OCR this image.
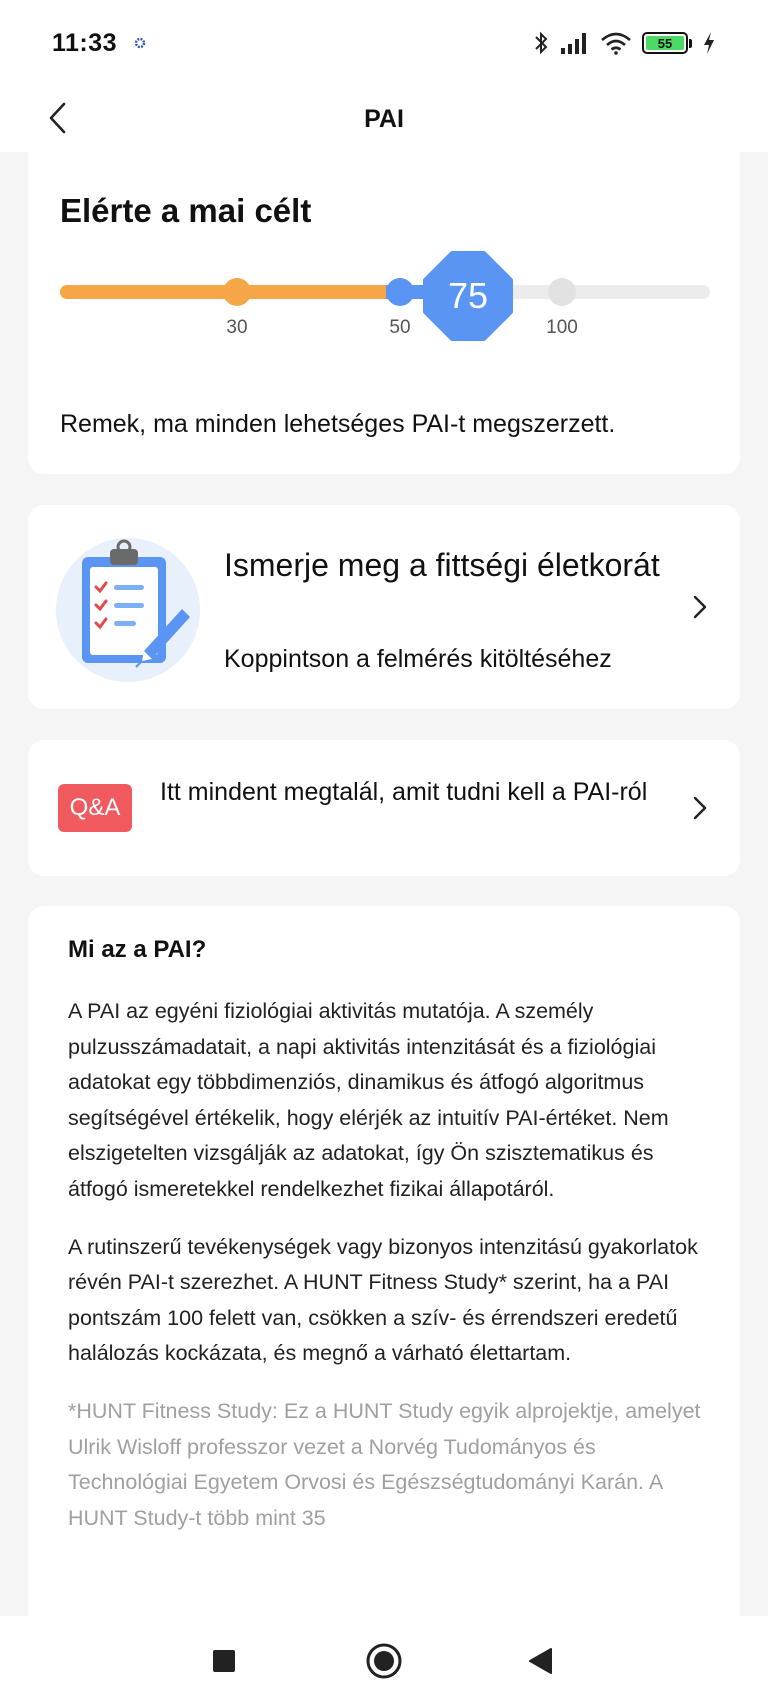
11:33	55
PAI
Elérte a mai célt
30	50	100
75
Remek, ma minden lehetséges PAI-t megszerzett.
Ismerje meg a fittségi életkorát
Koppintson a felmérés kitöltéséhez
Q&A
Itt mindent megtalál, amit tudni kell a PAI-ról
Mi az a PAI?

A PAI az egyéni fiziológiai aktivitás mutatója. A személy pulzusszámadatait, a napi aktivitás intenzitását és a fiziológiai adatokat egy többdimenziós, dinamikus és átfogó algoritmus segítségével értékelik, hogy elérjék az intuitív PAI-értéket. Nem elszigetelten vizsgálják az adatokat, így Ön szisztematikus és átfogó ismeretekkel rendelkezhet fizikai állapotáról.

A rutinszerű tevékenységek vagy bizonyos intenzitású gyakorlatok révén PAI-t szerezhet. A HUNT Fitness Study* szerint, ha a PAI pontszám 100 felett van, csökken a szív- és érrendszeri eredetű halálozás kockázata, és megnő a várható élettartam.

*HUNT Fitness Study: Ez a HUNT Study egyik alprojektje, amelyet Ulrik Wisloff professzor vezet a Norvég Tudományos és Technológiai Egyetem Orvosi és Egészségtudományi Karán. A HUNT Study-t több mint 35
